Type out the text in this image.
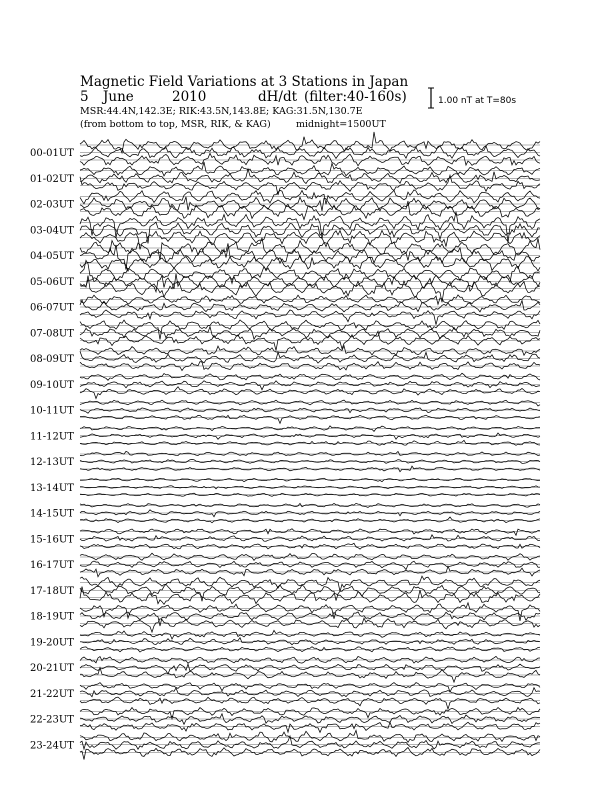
Magnetic Field Variations at 3 Stations in Japan
5 June	2010	dH/dt (filter:40-160s)
MSR:44.4N,142.3E; RIK:43.5N,143.8E; KAG:31.5N,130.7E
(from bottom to top, MSR, RIK, & KAG)	midnight=1500UT
1.00 nT at T=80s
00-01UT
01-02UT
02-03UT
03-04UT
04-05UT
05-06UT
06-07UT
07-08UT
08-09UT
09-10UT
10-11UT
11-12UT
12-13UT
13-14UT
14-15UT
15-16UT
16-17UT
17-18UT
18-19UT
19-20UT
20-21UT
21-22UT
22-23UT
23-24UT
